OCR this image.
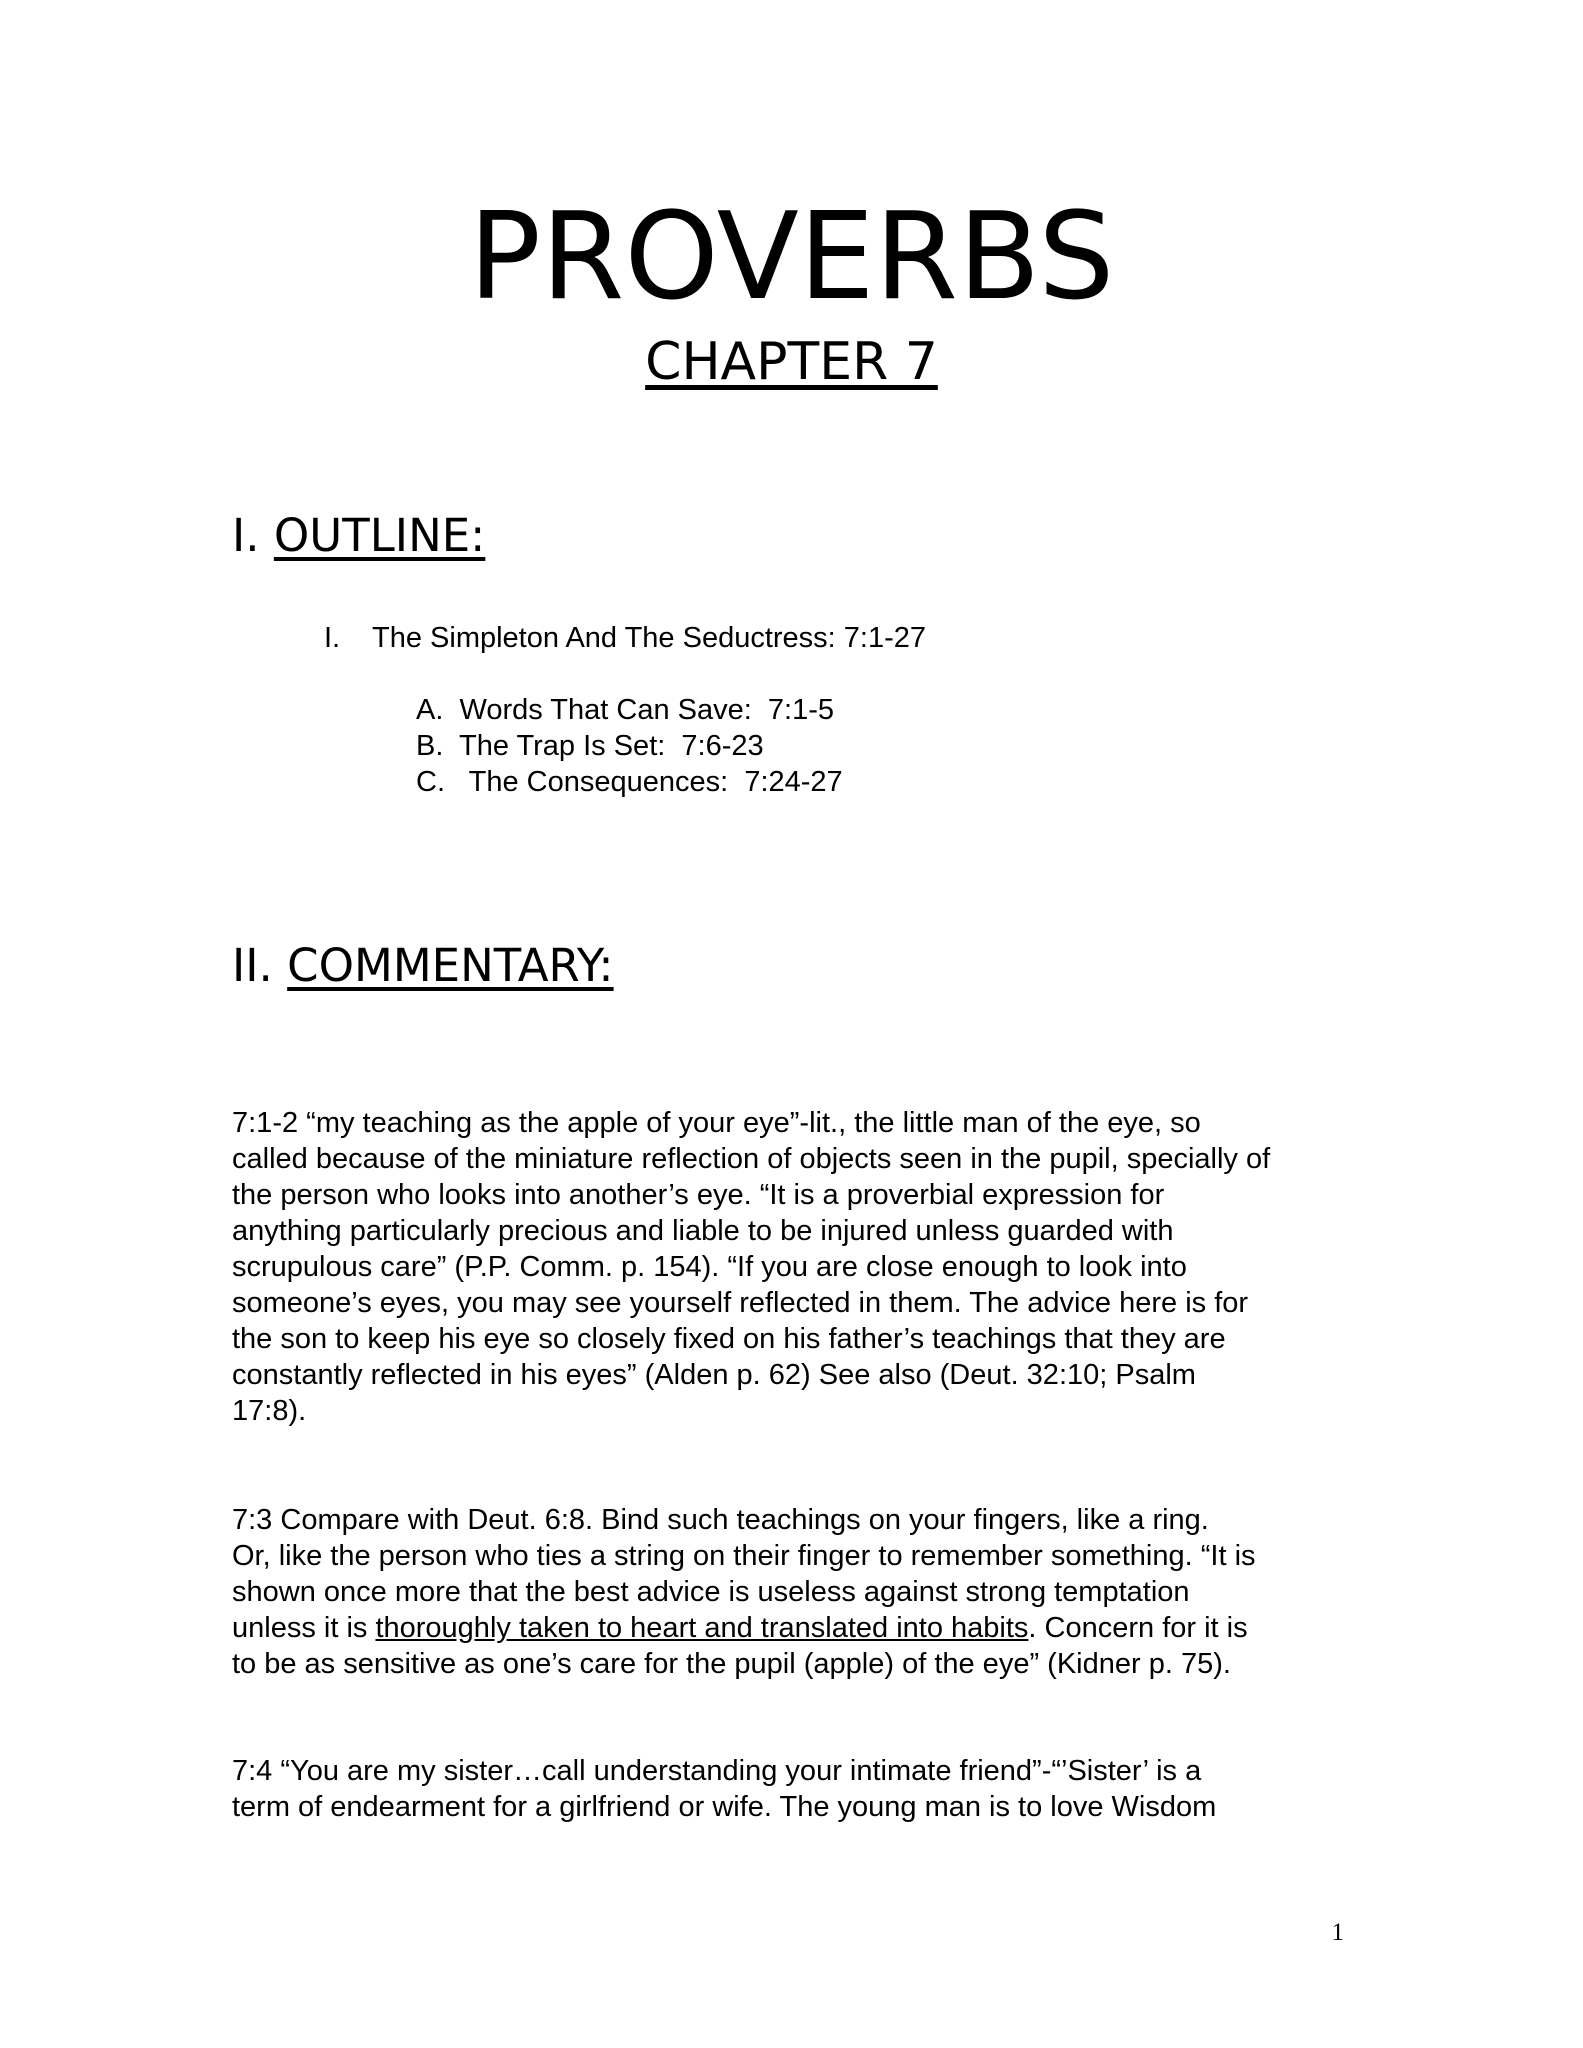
PROVERBS
CHAPTER 7
I. OUTLINE:
I. The Simpleton And The Seductress: 7:1-27
A.  Words That Can Save:  7:1-5
B.  The Trap Is Set:  7:6-23
C.   The Consequences:  7:24-27
II. COMMENTARY:

7:1-2 “my teaching as the apple of your eye”-lit., the little man of the eye, so
called because of the miniature reflection of objects seen in the pupil, specially of
the person who looks into another’s eye. “It is a proverbial expression for
anything particularly precious and liable to be injured unless guarded with
scrupulous care” (P.P. Comm. p. 154). “If you are close enough to look into
someone’s eyes, you may see yourself reflected in them. The advice here is for
the son to keep his eye so closely fixed on his father’s teachings that they are
constantly reflected in his eyes” (Alden p. 62) See also (Deut. 32:10; Psalm
17:8).

7:3 Compare with Deut. 6:8. Bind such teachings on your fingers, like a ring.
Or, like the person who ties a string on their finger to remember something. “It is
shown once more that the best advice is useless against strong temptation
unless it is thoroughly taken to heart and translated into habits. Concern for it is
to be as sensitive as one’s care for the pupil (apple) of the eye” (Kidner p. 75).

7:4 “You are my sister…call understanding your intimate friend”-“’Sister’ is a
term of endearment for a girlfriend or wife. The young man is to love Wisdom

1
